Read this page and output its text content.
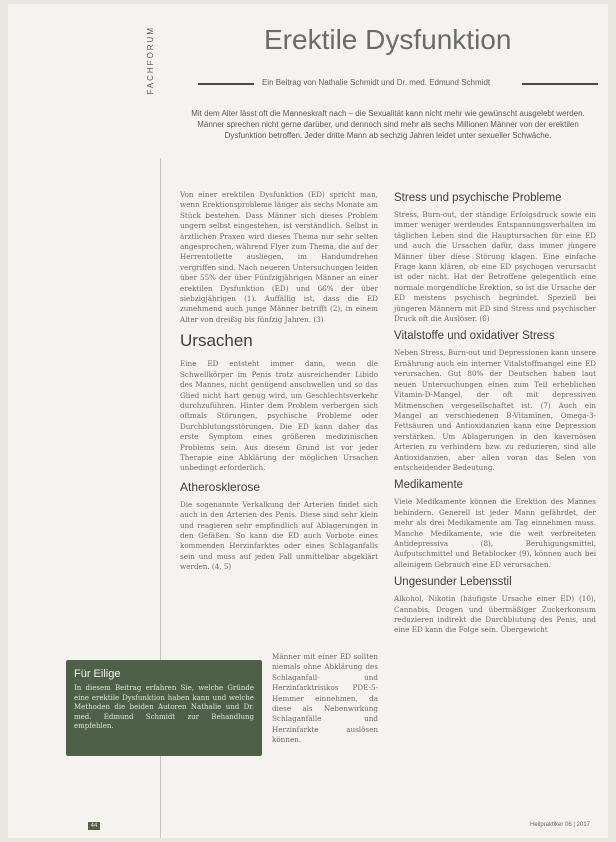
FACHFORUM	Erektile Dysfunktion
Ein Beitrag von Nathalie Schmidt und Dr. med. Edmund Schmidt

Mit dem Alter lässt oft die Manneskraft nach – die Sexualität kann nicht mehr wie gewünscht ausgelebt werden. Männer sprechen nicht gerne darüber, und dennoch sind mehr als sechs Millionen Männer von der erektilen Dysfunktion betroffen. Jeder dritte Mann ab sechzig Jahren leidet unter sexueller Schwäche.

Von einer erektilen Dysfunktion (ED) spricht man, wenn Erektionsprobleme länger als sechs Monate am Stück bestehen. Dass Männer sich dieses Problem ungern selbst eingestehen, ist verständlich. Selbst in ärztlichen Praxen wird dieses Thema nur sehr selten angesprochen, während Flyer zum Thema, die auf der Herrentoilette ausliegen, im Handumdrehen vergriffen sind. Nach neueren Untersuchungen leiden über 55% der über Fünfzigjährigen Männer an einer erektilen Dysfunktion (ED) und 66% der über siebzigjährigen (1). Auffällig ist, dass die ED zunehmend auch junge Männer betrifft (2), in einem Alter von dreißig bis fünfzig Jahren. (3)

Ursachen

Eine ED entsteht immer dann, wenn die Schwellkörper im Penis trotz ausreichender Libido des Mannes, nicht genügend anschwellen und so das Glied nicht hart genug wird, um Geschlechtsverkehr durchzuführen. Hinter dem Problem verbergen sich oftmals Störungen, psychische Probleme oder Durchblutungsstörungen. Die ED kann daher das erste Symptom eines größeren medizinischen Problems sein. Aus diesem Grund ist vor jeder Therapie eine Abklärung der möglichen Ursachen unbedingt erforderlich.

Atherosklerose

Die sogenannte Verkalkung der Arterien findet sich auch in den Arterien des Penis. Diese sind sehr klein und reagieren sehr empfindlich auf Ablagerungen in den Gefäßen. So kann die ED auch Vorbote eines kommenden Herzinfarktes oder eines Schlaganfalls sein und muss auf jeden Fall unmittelbar abgeklärt werden. (4, 5)

Männer mit einer ED sollten niemals ohne Abklärung des Schlaganfall- und Herzinfarktrisikos PDE-5-Hemmer einnehmen, da diese als Nebenwirkung Schlaganfälle und Herzinfarkte auslösen können.

Stress und psychische Probleme

Stress, Burn-out, der ständige Erfolgsdruck sowie ein immer weniger werdendes Entspannungsverhalten im täglichen Leben sind die Hauptursachen für eine ED und auch die Ursachen dafür, dass immer jüngere Männer über diese Störung klagen. Eine einfache Frage kann klären, ob eine ED psychogen verursacht ist oder nicht. Hat der Betroffene gelegentlich eine normale morgendliche Erektion, so ist die Ursache der ED meistens psychisch begründet. Speziell bei jüngeren Männern mit ED sind Stress und psychischer Druck oft die Auslöser. (6)

Vitalstoffe und oxidativer Stress

Neben Stress, Burn-out und Depressionen kann unsere Ernährung auch ein interner Vitalstoffmangel eine ED verursachen. Gut 80% der Deutschen haben laut neuen Untersuchungen einen zum Teil erheblichen Vitamin-D-Mangel, der oft mit depressiven Mitmenschen vergesellschaftet ist. (7) Auch ein Mangel an verschiedenen B-Vitaminen, Omega-3-Fettsäuren und Antioxidanzien kann eine Depression verstärken. Um Ablagerungen in den kavernösen Arterien zu verhindern bzw. zu reduzieren, sind alle Antioxidanzien, aber allen voran das Selen von entscheidender Bedeutung.

Medikamente

Viele Medikamente können die Erektion des Mannes behindern. Generell ist jeder Mann gefährdet, der mehr als drei Medikamente am Tag einnehmen muss. Manche Medikamente, wie die weit verbreiteten Antidepressiva (8), Beruhigungsmittel, Aufputschmittel und Betablocker (9), können auch bei alleinigem Gebrauch eine ED verursachen.

Ungesunder Lebensstil

Alkohol, Nikotin (häufigste Ursache einer ED) (10), Cannabis, Drogen und übermäßiger Zuckerkonsum reduzieren indirekt die Durchblutung des Penis, und eine ED kann die Folge sein. Übergewicht

Für Eilige

In diesem Beitrag erfahren Sie, welche Gründe eine erektile Dysfunktion haben kann und welche Methoden die beiden Autoren Nathalie und Dr. med. Edmund Schmidt zur Behandlung empfehlen.

44	Heilpraktiker 06 | 2017
